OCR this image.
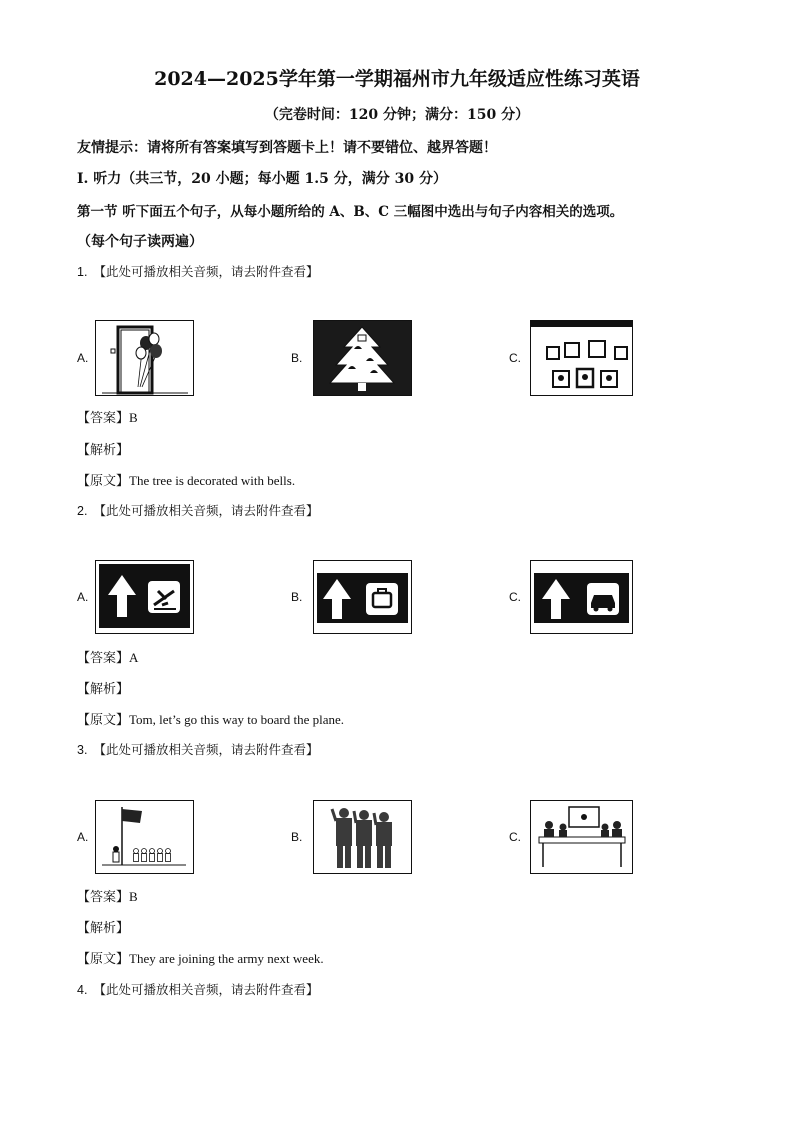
2024—2025学年第一学期福州市九年级适应性练习英语
（完卷时间：120 分钟；满分：150 分）
友情提示：请将所有答案填写到答题卡上！请不要错位、越界答题！
Ⅰ. 听力（共三节，20 小题；每小题 1.5 分，满分 30 分）
第一节 听下面五个句子，从每小题所给的 A、B、C 三幅图中选出与句子内容相关的选项。
（每个句子读两遍）
1. 【此处可播放相关音频，请去附件查看】
A.	B.	C.
【答案】B
【解析】
【原文】The tree is decorated with bells.
2. 【此处可播放相关音频，请去附件查看】
A.	B.	C.
【答案】A
【解析】
【原文】Tom, let’s go this way to board the plane.
3. 【此处可播放相关音频，请去附件查看】
A.	B.	C.
【答案】B
【解析】
【原文】They are joining the army next week.
4. 【此处可播放相关音频，请去附件查看】
